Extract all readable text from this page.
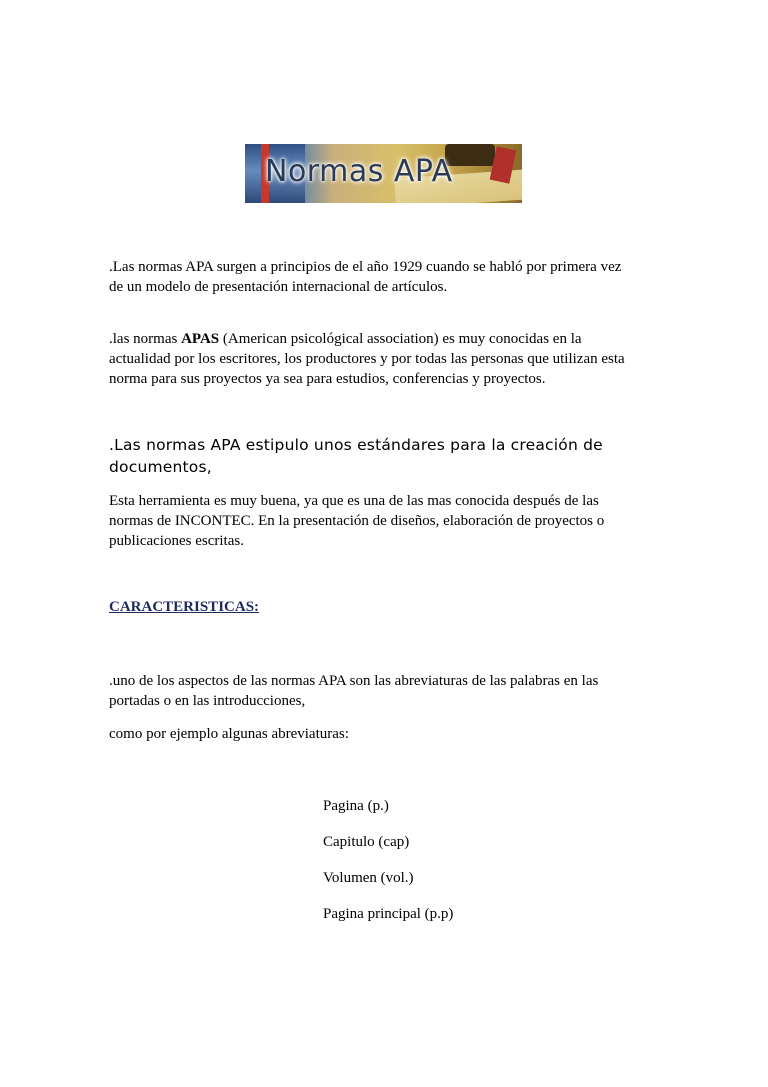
Normas APA

.Las normas APA surgen a principios de el año 1929 cuando se habló por primera vez
de un modelo de presentación internacional de artículos.

.las normas APAS (American psicológical association) es muy conocidas en la
actualidad por los escritores, los productores y por todas las personas que utilizan esta
norma para sus proyectos ya sea para estudios, conferencias y proyectos.

.Las normas APA estipulo unos estándares para la creación de
documentos,

Esta herramienta es muy buena, ya que es una de las mas conocida después de las
normas de INCONTEC. En la presentación de diseños, elaboración de proyectos o
publicaciones escritas.

CARACTERISTICAS:

.uno de los aspectos de las normas APA son las abreviaturas de las palabras en las
portadas o en las introducciones,

como por ejemplo algunas abreviaturas:

Pagina (p.)

Capitulo (cap)

Volumen (vol.)

Pagina principal (p.p)
